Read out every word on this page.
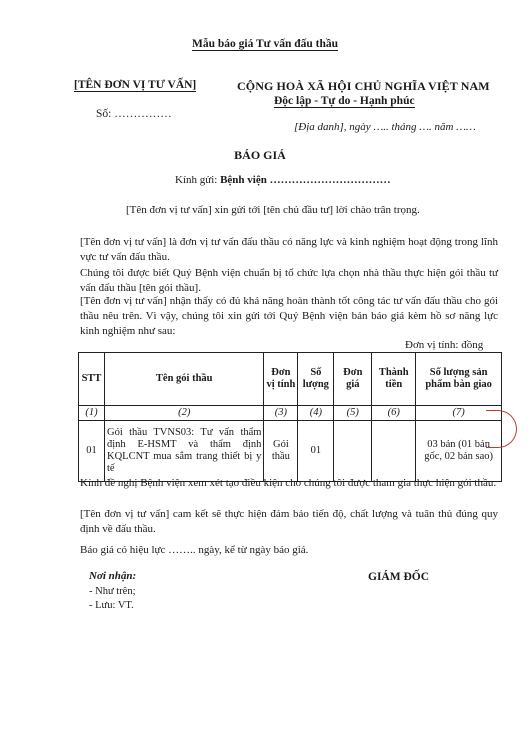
Mẫu báo giá Tư vấn đấu thầu
[TÊN ĐƠN VỊ TƯ VẤN]	CỘNG HOÀ XÃ HỘI CHỦ NGHĨA VIỆT NAM
Độc lập - Tự do - Hạnh phúc
Số: ……………
[Địa danh], ngày ….. tháng …. năm ……
BÁO GIÁ
Kính gửi: Bệnh viện ……………………………
[Tên đơn vị tư vấn] xin gửi tới [tên chủ đầu tư] lời chào trân trọng.
[Tên đơn vị tư vấn] là đơn vị tư vấn đấu thầu có năng lực và kinh nghiệm hoạt động trong lĩnh vực tư vấn đấu thầu.
Chúng tôi được biết Quý Bệnh viện chuẩn bị tổ chức lựa chọn nhà thầu thực hiện gói thầu tư vấn đấu thầu [tên gói thầu].
[Tên đơn vị tư vấn] nhận thấy có đủ khả năng hoàn thành tốt công tác tư vấn đấu thầu cho gói thầu nêu trên. Vì vậy, chúng tôi xin gửi tới Quý Bệnh viện bản báo giá kèm hồ sơ năng lực kinh nghiệm như sau:
Đơn vị tính: đồng
STT	Tên gói thầu	Đơn vị tính	Số lượng	Đơn giá	Thành tiền	Số lượng sản phẩm bàn giao
(1)	(2)	(3)	(4)	(5)	(6)	(7)
01	Gói thầu TVNS03: Tư vấn thẩm định E-HSMT và thẩm định KQLCNT mua sắm trang thiết bị y tế	Gói thầu	01			03 bản (01 bản gốc, 02 bản sao)
Kính đề nghị Bệnh viện xem xét tạo điều kiện cho chúng tôi được tham gia thực hiện gói thầu.
[Tên đơn vị tư vấn] cam kết sẽ thực hiện đảm bảo tiến độ, chất lượng và tuân thủ đúng quy định về đấu thầu.
Báo giá có hiệu lực …….. ngày, kể từ ngày báo giá.
Nơi nhận:
- Như trên;
- Lưu: VT.
GIÁM ĐỐC
